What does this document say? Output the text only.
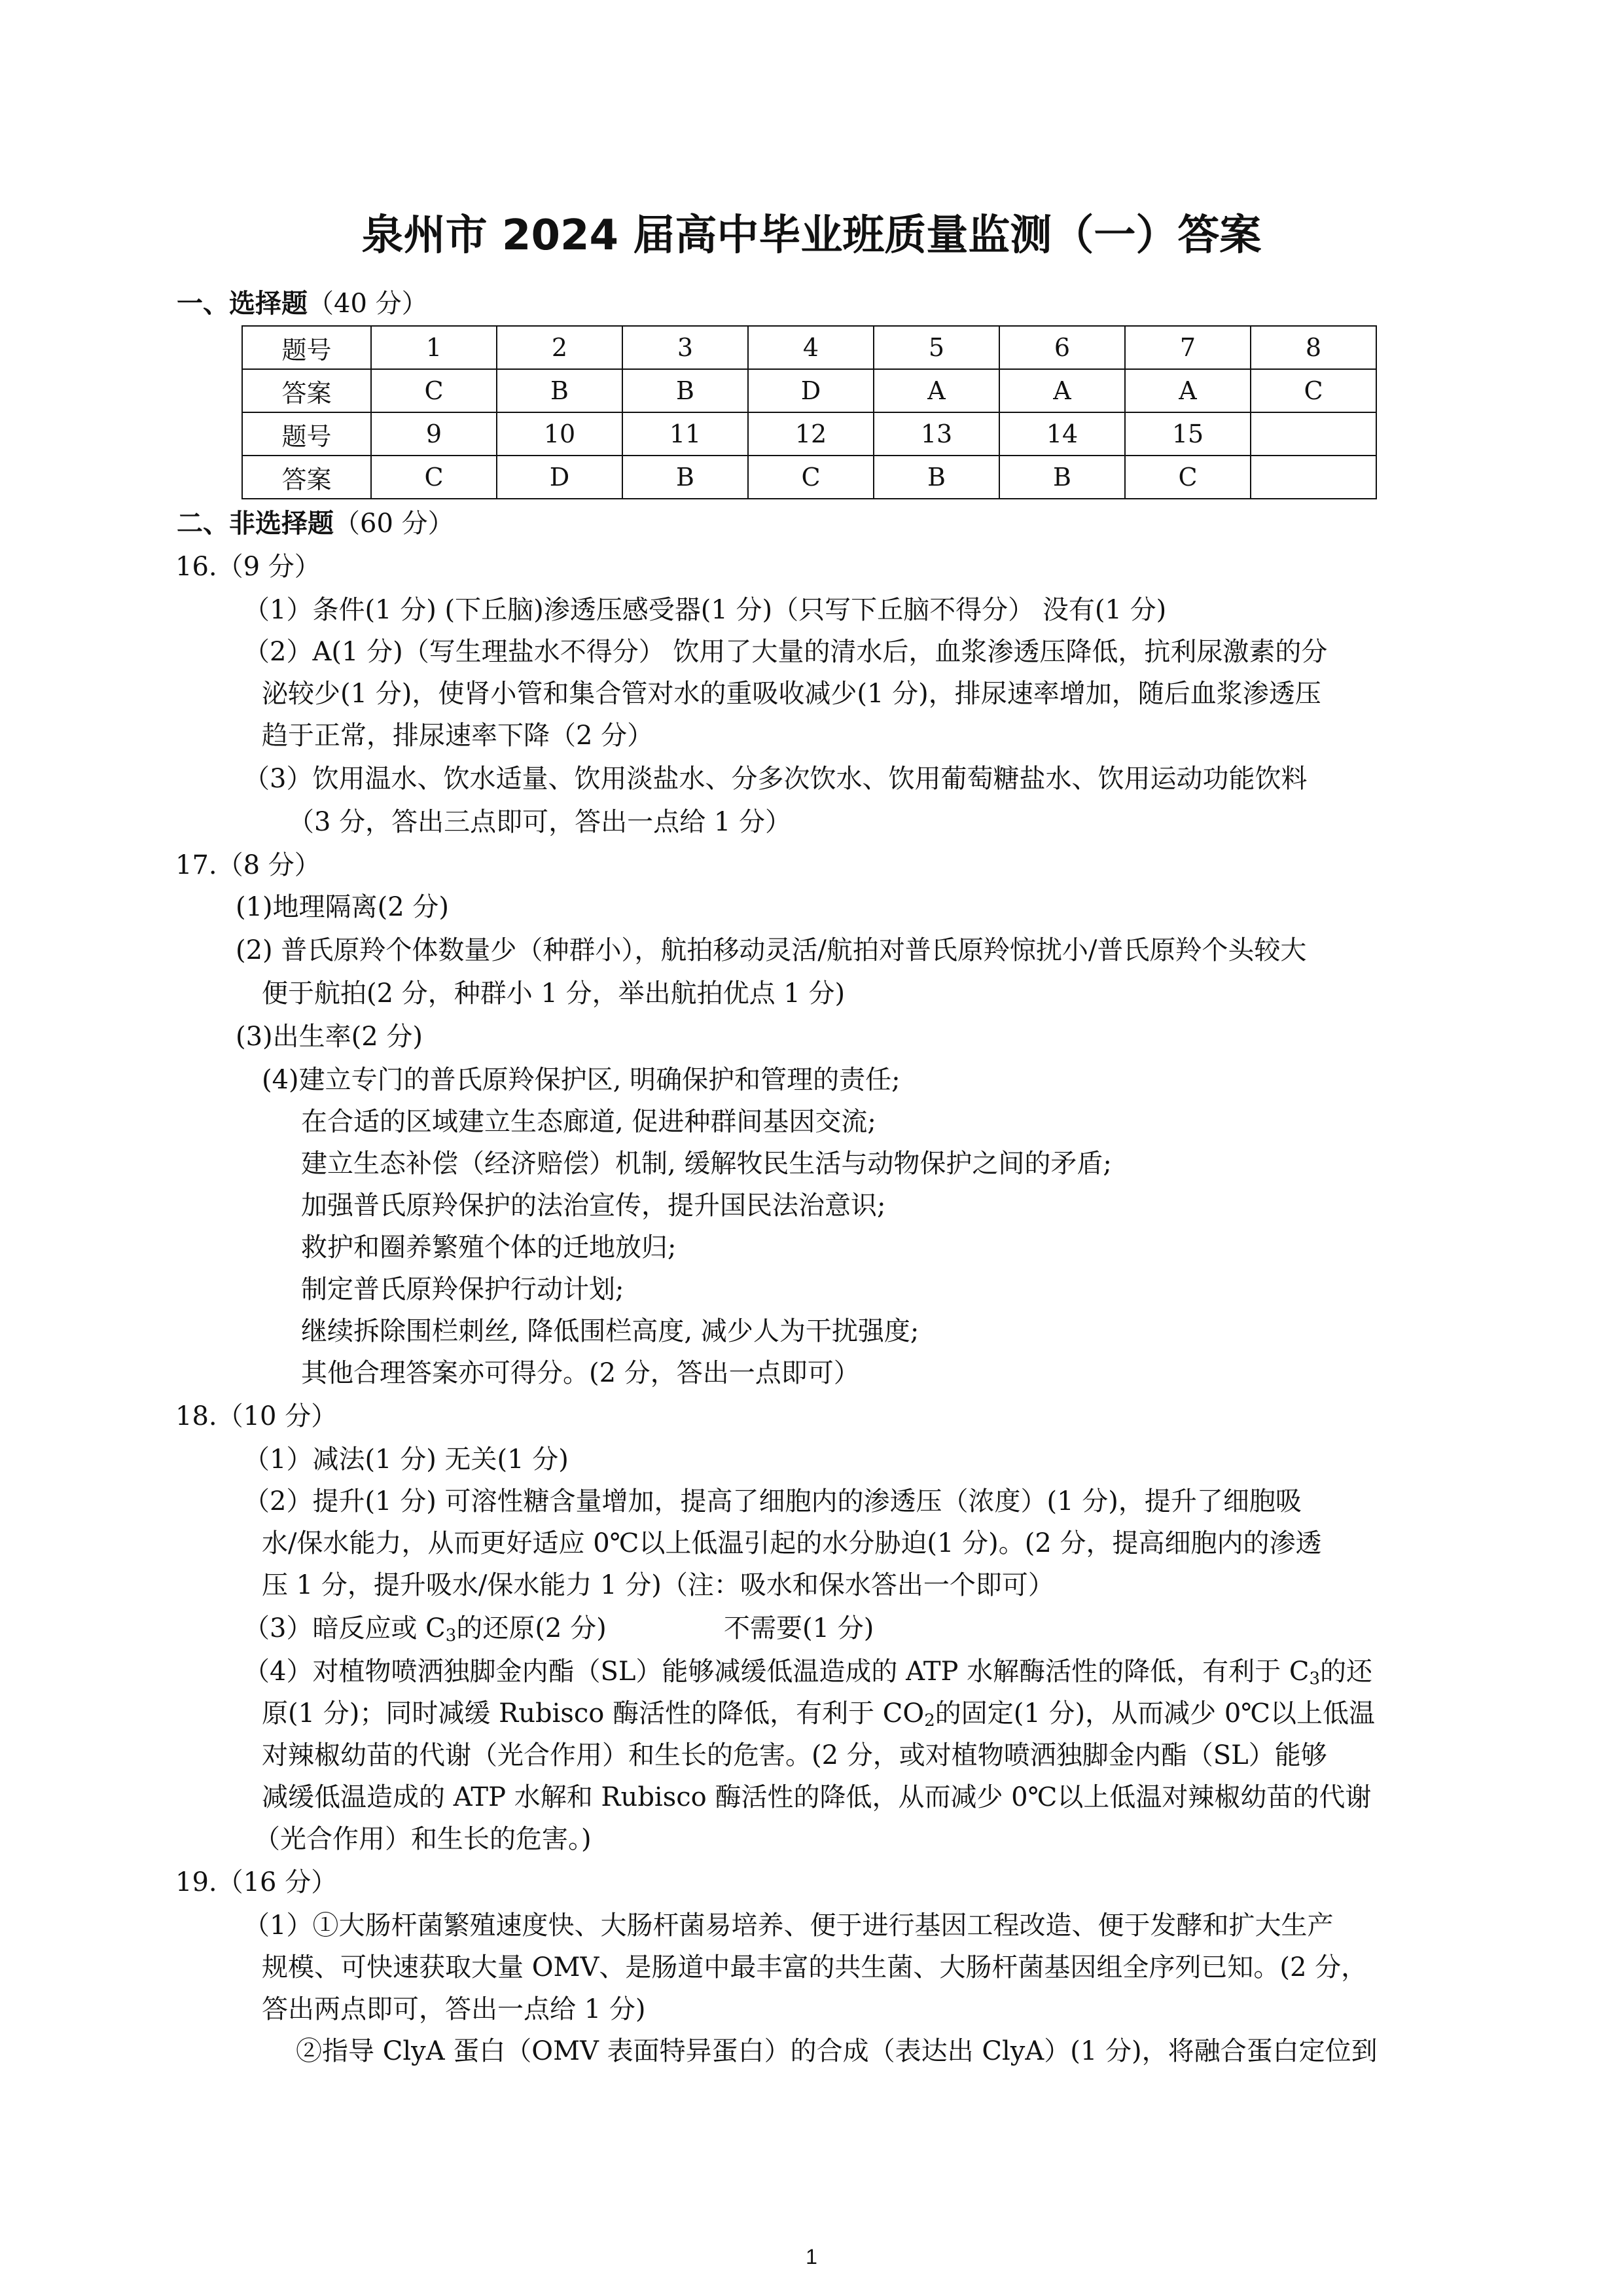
泉州市 2024 届高中毕业班质量监测（一）答案
一、选择题（40 分）
题号	1	2	3	4	5	6	7	8
答案	C	B	B	D	A	A	A	C
题号	9	10	11	12	13	14	15	
答案	C	D	B	C	B	B	C	
二、非选择题（60 分）
16.（9 分）
（1）条件(1 分) (下丘脑)渗透压感受器(1 分)（只写下丘脑不得分） 没有(1 分)
（2）A(1 分)（写生理盐水不得分） 饮用了大量的清水后，血浆渗透压降低，抗利尿激素的分
泌较少(1 分)，使肾小管和集合管对水的重吸收减少(1 分)，排尿速率增加，随后血浆渗透压
趋于正常，排尿速率下降（2 分）
（3）饮用温水、饮水适量、饮用淡盐水、分多次饮水、饮用葡萄糖盐水、饮用运动功能饮料
（3 分，答出三点即可，答出一点给 1 分）
17.（8 分）
(1)地理隔离(2 分)
(2) 普氏原羚个体数量少（种群小），航拍移动灵活/航拍对普氏原羚惊扰小/普氏原羚个头较大
便于航拍(2 分，种群小 1 分，举出航拍优点 1 分)
(3)出生率(2 分)
(4)建立专门的普氏原羚保护区, 明确保护和管理的责任;
在合适的区域建立生态廊道, 促进种群间基因交流;
建立生态补偿（经济赔偿）机制, 缓解牧民生活与动物保护之间的矛盾;
加强普氏原羚保护的法治宣传，提升国民法治意识;
救护和圈养繁殖个体的迁地放归;
制定普氏原羚保护行动计划;
继续拆除围栏刺丝, 降低围栏高度, 减少人为干扰强度;
其他合理答案亦可得分。(2 分，答出一点即可）
18.（10 分）
（1）减法(1 分) 无关(1 分)
（2）提升(1 分) 可溶性糖含量增加，提高了细胞内的渗透压（浓度）(1 分)，提升了细胞吸
水/保水能力，从而更好适应 0℃以上低温引起的水分胁迫(1 分)。(2 分，提高细胞内的渗透
压 1 分，提升吸水/保水能力 1 分)（注：吸水和保水答出一个即可）
（3）暗反应或 $C_3$的还原(2 分)	不需要(1 分)
（4）对植物喷洒独脚金内酯（SL）能够减缓低温造成的 ATP 水解酶活性的降低，有利于 $C_3$的还
原(1 分)；同时减缓 Rubisco 酶活性的降低，有利于 $CO_2$的固定(1 分)，从而减少 0℃以上低温
对辣椒幼苗的代谢（光合作用）和生长的危害。(2 分，或对植物喷洒独脚金内酯（SL）能够
减缓低温造成的 ATP 水解和 Rubisco 酶活性的降低，从而减少 0℃以上低温对辣椒幼苗的代谢
（光合作用）和生长的危害。)
19.（16 分）
（1）①大肠杆菌繁殖速度快、大肠杆菌易培养、便于进行基因工程改造、便于发酵和扩大生产
规模、可快速获取大量 OMV、是肠道中最丰富的共生菌、大肠杆菌基因组全序列已知。(2 分，
答出两点即可，答出一点给 1 分)
②指导 ClyA 蛋白（OMV 表面特异蛋白）的合成（表达出 ClyA）(1 分)，将融合蛋白定位到
1
